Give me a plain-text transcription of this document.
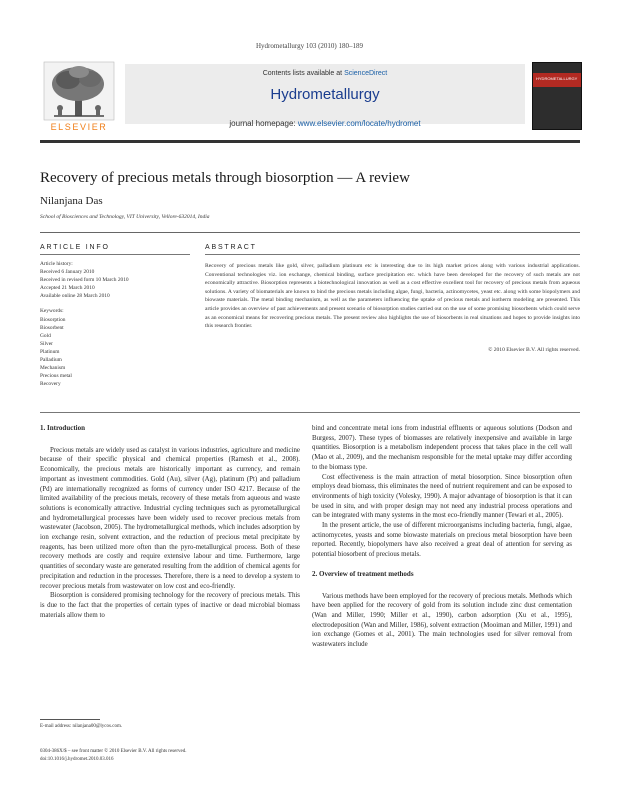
Hydrometallurgy 103 (2010) 180–189
ELSEVIER
Contents lists available at ScienceDirect
Hydrometallurgy
journal homepage: www.elsevier.com/locate/hydromet
HYDROMETALLURGY
Recovery of precious metals through biosorption — A review
Nilanjana Das
School of Biosciences and Technology, VIT University, Vellore-632014, India
ARTICLE INFO	ABSTRACT
Article history:
Received 6 January 2010
Received in revised form 10 March 2010
Accepted 21 March 2010
Available online 28 March 2010
Keywords:
Biosorption
Biosorbent
Gold
Silver
Platinum
Palladium
Mechanism
Precious metal
Recovery
Recovery of precious metals like gold, silver, palladium platinum etc is interesting due to its high market prices along with various industrial applications. Conventional technologies viz. ion exchange, chemical binding, surface precipitation etc. which have been developed for the recovery of such metals are not economically attractive. Biosorption represents a biotechnological innovation as well as a cost effective excellent tool for recovery of precious metals from aqueous solutions. A variety of biomaterials are known to bind the precious metals including algae, fungi, bacteria, actinomycetes, yeast etc. along with some biopolymers and biowaste materials. The metal binding mechanism, as well as the parameters influencing the uptake of precious metals and isotherm modeling are presented. This article provides an overview of past achievements and present scenario of biosorption studies carried out on the use of some promising biosorbents which could serve as an economical means for recovering precious metals. The present review also highlights the use of biosorbents in real situations and hopes to provide insights into this research frontier.
© 2010 Elsevier B.V. All rights reserved.
1. Introduction

Precious metals are widely used as catalyst in various industries, agriculture and medicine because of their specific physical and chemical properties (Ramesh et al., 2008). Economically, the precious metals are historically important as currency, and remain important as investment commodities. Gold (Au), silver (Ag), platinum (Pt) and palladium (Pd) are internationally recognized as forms of currency under ISO 4217. Because of the limited availability of the precious metals, recovery of these metals from aqueous and waste solutions is economically attractive. Industrial cycling techniques such as pyrometallurgical and hydrometallurgical processes have been widely used to recover precious metals from wastewater (Jacobson, 2005). The hydrometallurgical methods, which includes adsorption by ion exchange resin, solvent extraction, and the reduction of precious metal precipitate by reagents, has been utilized more often than the pyro-metallurgical process. Both of these recovery methods are costly and require extensive labour and time. Furthermore, large quantities of secondary waste are generated resulting from the addition of chemical agents for precipitation and reduction in the processes. Therefore, there is a need to develop a system to recover precious metals from wastewater on low cost and eco-friendly.

Biosorption is considered promising technology for the recovery of precious metals. This is due to the fact that the properties of certain types of inactive or dead microbial biomass materials allow them to

bind and concentrate metal ions from industrial effluents or aqueous solutions (Dodson and Burgess, 2007). These types of biomasses are relatively inexpensive and available in large quantities. Biosorption is a metabolism independent process that takes place in the cell wall (Mao et al., 2009), and the mechanism responsible for the metal uptake may differ according to the biomass type.

Cost effectiveness is the main attraction of metal biosorption. Since biosorption often employs dead biomass, this eliminates the need of nutrient requirement and can be exposed to environments of high toxicity (Volesky, 1990). A major advantage of biosorption is that it can be used in situ, and with proper design may not need any industrial process operations and can be integrated with many systems in the most eco-friendly manner (Tewari et al., 2005).

In the present article, the use of different microorganisms including bacteria, fungi, algae, actinomycetes, yeasts and some biowaste materials on precious metal biosorption have been reported. Recently, biopolymers have also received a great deal of attention for serving as potential biosorbent of precious metals.

2. Overview of treatment methods

Various methods have been employed for the recovery of precious metals. Methods which have been applied for the recovery of gold from its solution include zinc dust cementation (Wan and Miller, 1990; Miller et al., 1990), carbon adsorption (Xu et al., 1995), electrodeposition (Wan and Miller, 1986), solvent extraction (Mooiman and Miller, 1991) and ion exchange (Gomes et al., 2001). The main technologies used for silver removal from wastewaters include

E-mail address: nilanjana00@lycos.com.
0304-386X/$ – see front matter © 2010 Elsevier B.V. All rights reserved.
doi:10.1016/j.hydromet.2010.03.016
